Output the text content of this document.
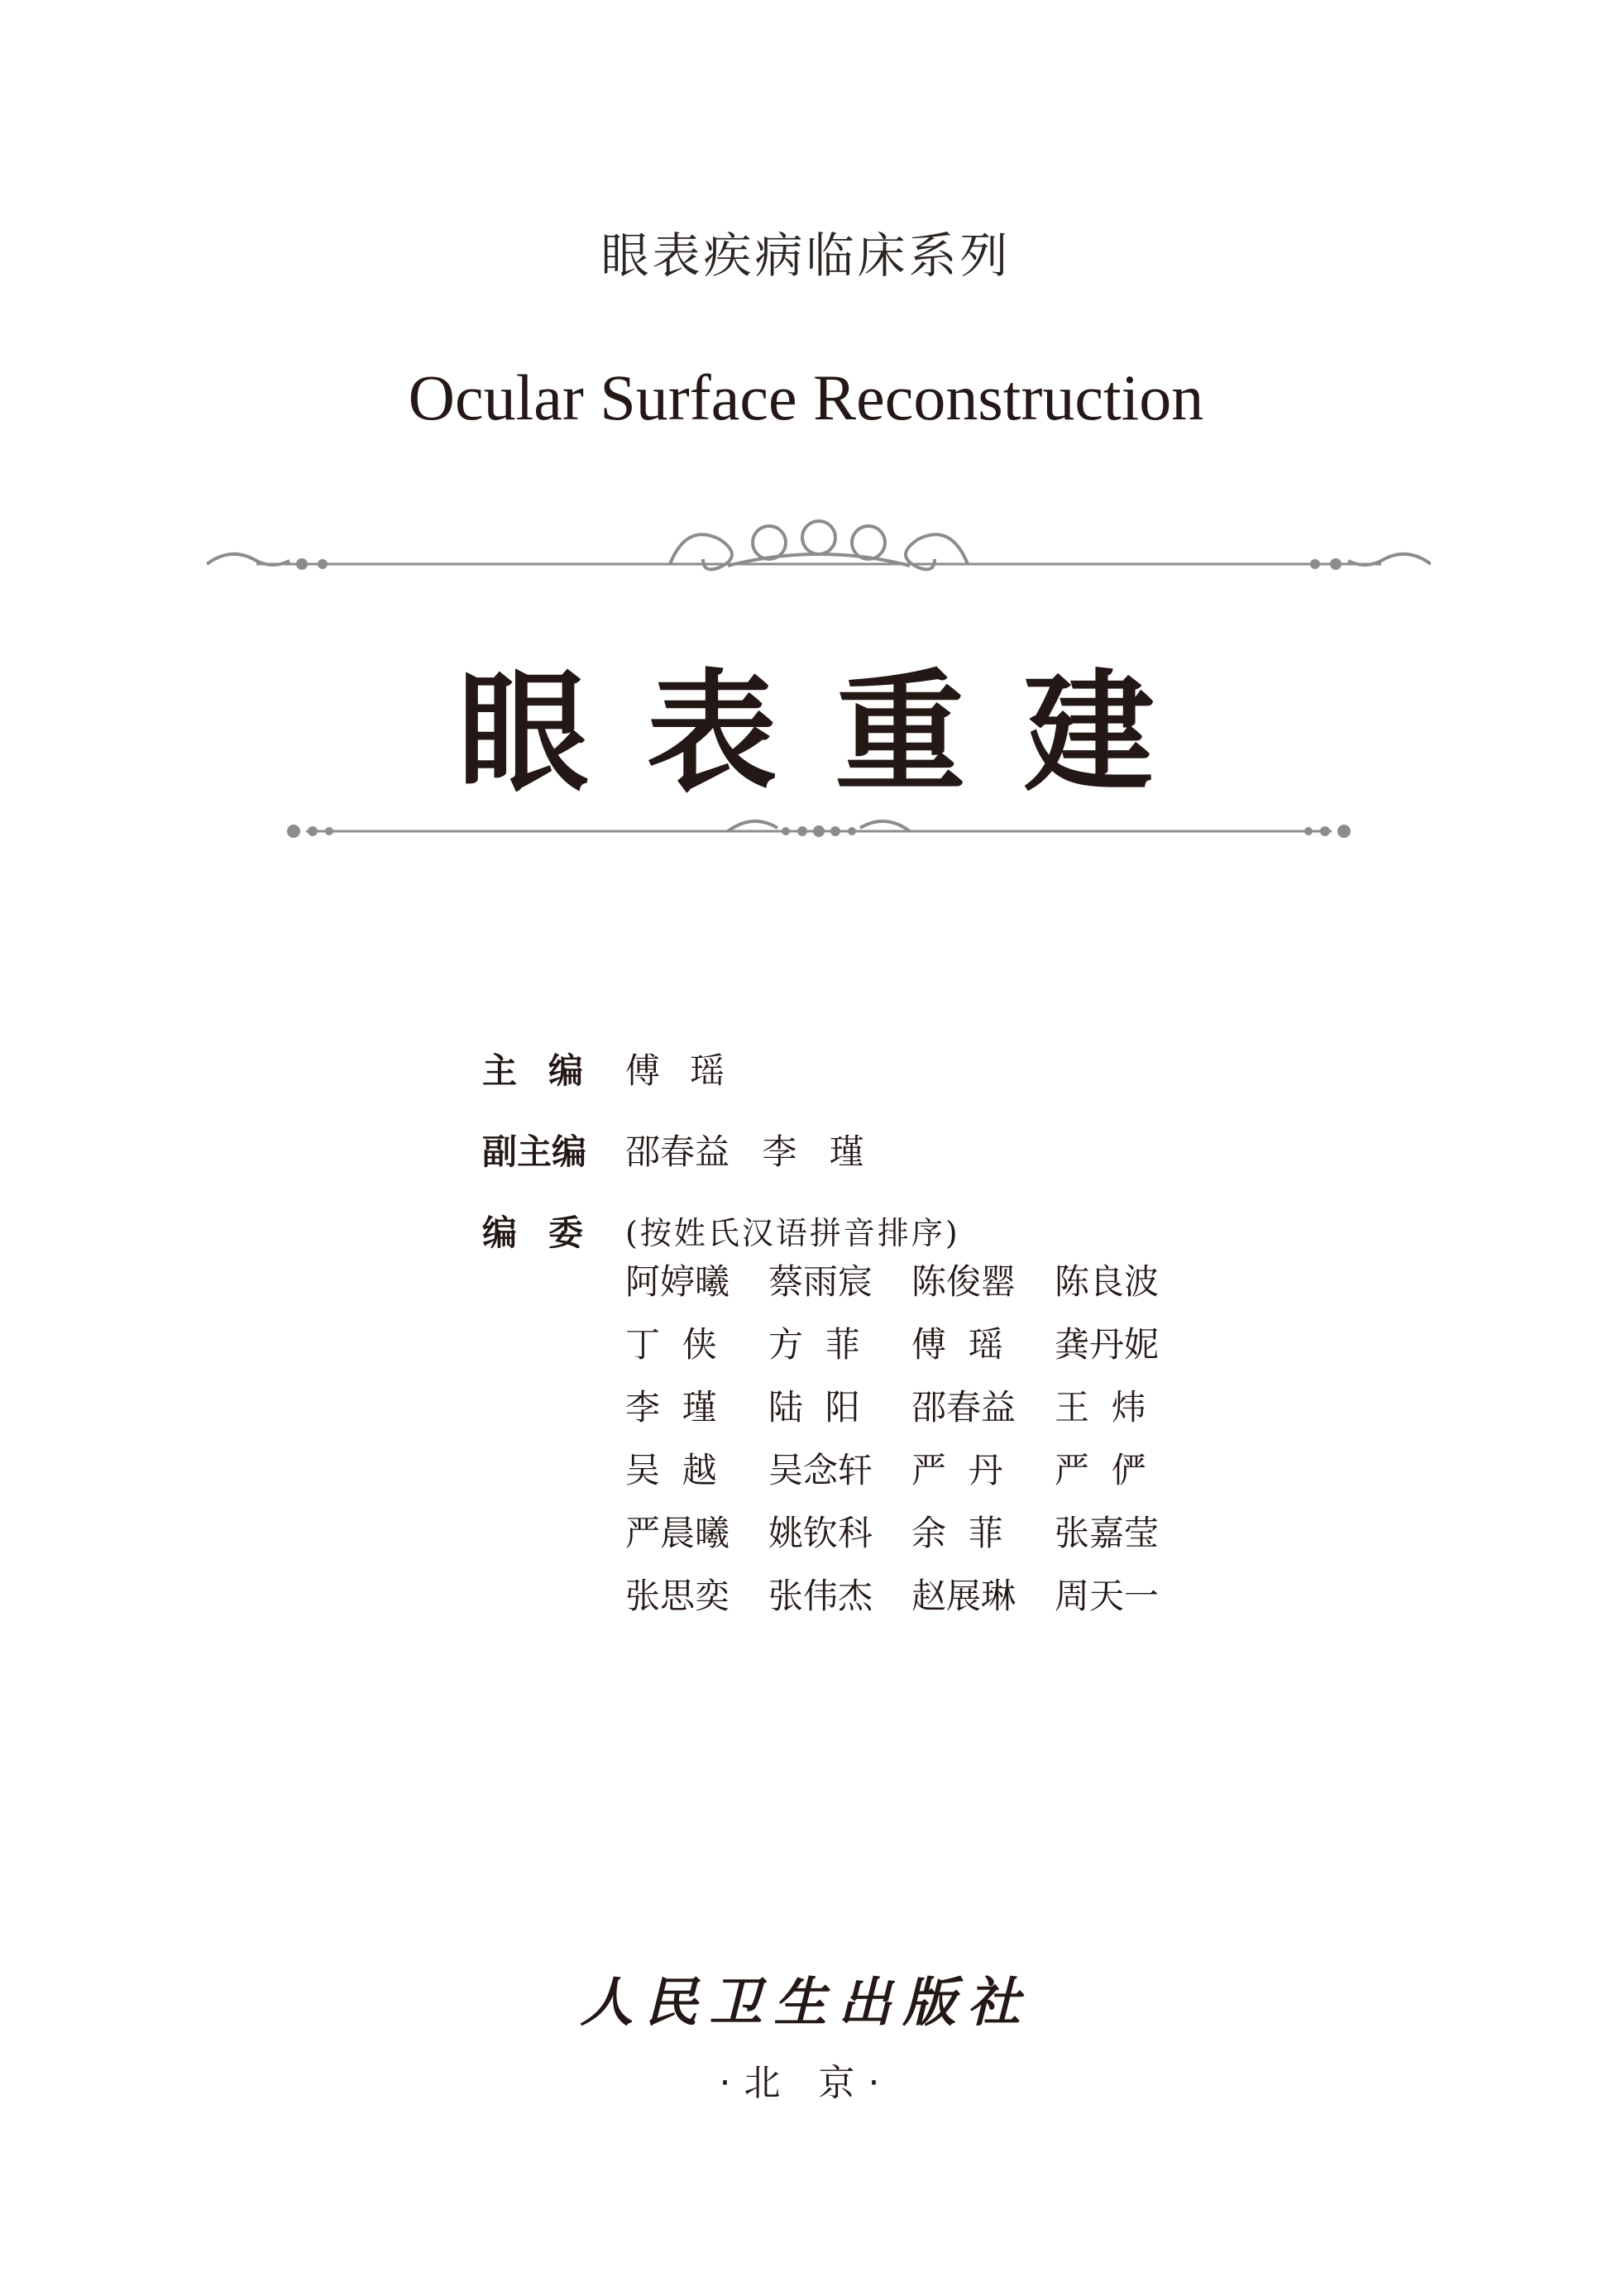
眼表疾病临床系列
Ocular Surface Reconstruction
眼表重建
主编 傅瑶
副主编 邵春益 李 瑾
编委 (按姓氏汉语拼音排序)
阿婷曦	蔡雨宸	陈俊罂	陈良波
丁  侠	方  菲	傅  瑶	龚丹妮
李  瑾	陆  阳	邵春益	王  炜
吴  越	吴念轩	严  丹	严  俨
严晨曦	姚钦科	余  菲	张嘉莹
张思奕	张伟杰	赵展琳	周天一
人民卫生出版社
·北 京·
